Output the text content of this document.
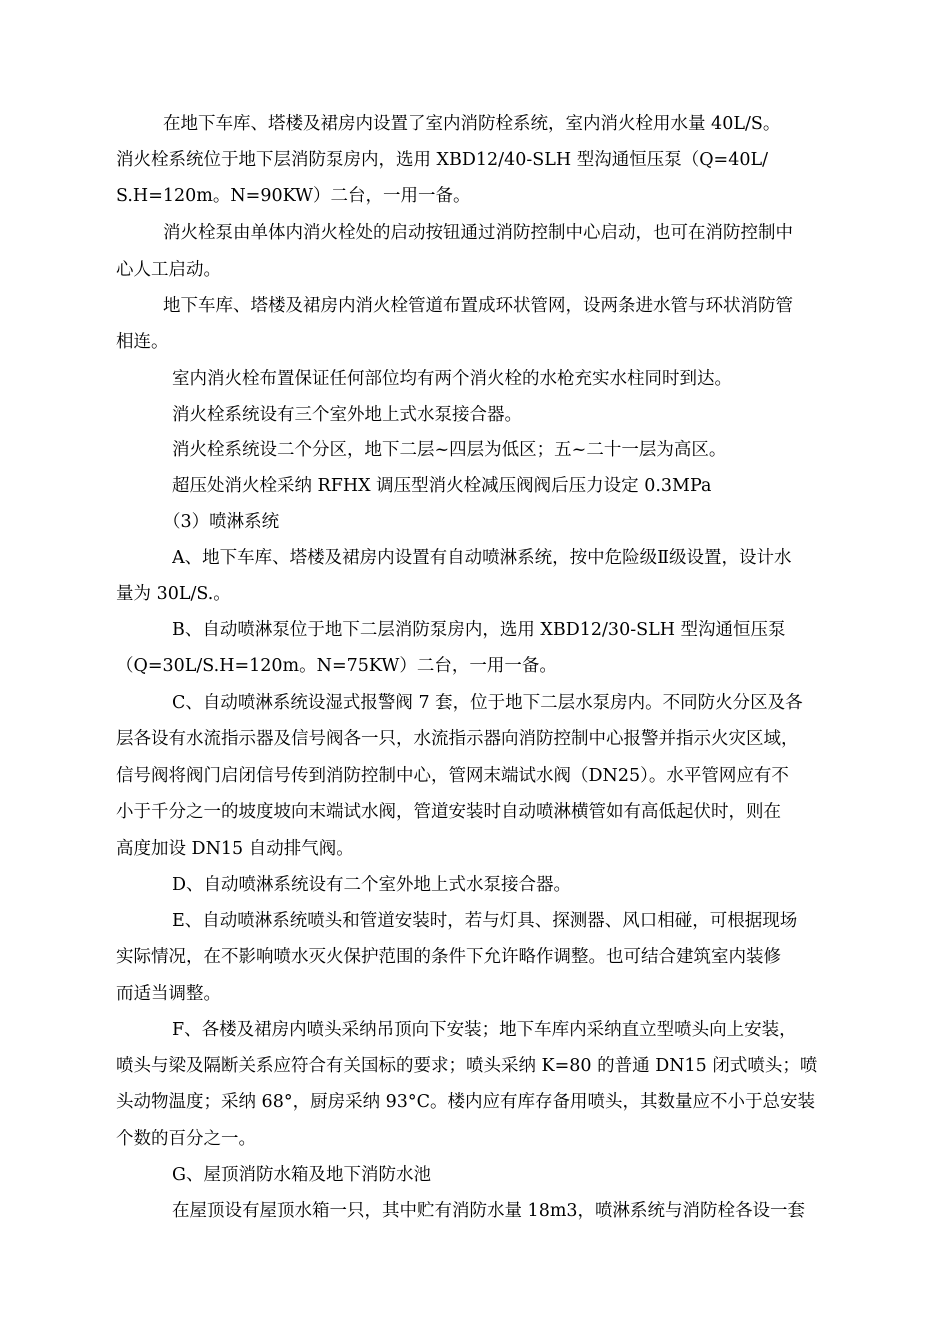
在地下车库、塔楼及裙房内设置了室内消防栓系统，室内消火栓用水量 40L/S。
消火栓系统位于地下层消防泵房内，选用 XBD12/40-SLH 型沟通恒压泵（Q=40L/
S.H=120m。N=90KW）二台，一用一备。
消火栓泵由单体内消火栓处的启动按钮通过消防控制中心启动，也可在消防控制中
心人工启动。
地下车库、塔楼及裙房内消火栓管道布置成环状管网，设两条进水管与环状消防管
相连。
室内消火栓布置保证任何部位均有两个消火栓的水枪充实水柱同时到达。
消火栓系统设有三个室外地上式水泵接合器。
消火栓系统设二个分区，地下二层~四层为低区；五~二十一层为高区。
超压处消火栓采纳 RFHX 调压型消火栓减压阀阀后压力设定 0.3MPa
（3）喷淋系统
A、地下车库、塔楼及裙房内设置有自动喷淋系统，按中危险级Ⅱ级设置，设计水
量为 30L/S.。
B、自动喷淋泵位于地下二层消防泵房内，选用 XBD12/30-SLH 型沟通恒压泵
（Q=30L/S.H=120m。N=75KW）二台，一用一备。
C、自动喷淋系统设湿式报警阀 7 套，位于地下二层水泵房内。不同防火分区及各
层各设有水流指示器及信号阀各一只，水流指示器向消防控制中心报警并指示火灾区域，
信号阀将阀门启闭信号传到消防控制中心，管网末端试水阀（DN25）。水平管网应有不
小于千分之一的坡度坡向末端试水阀，管道安装时自动喷淋横管如有高低起伏时，则在
高度加设 DN15 自动排气阀。
D、自动喷淋系统设有二个室外地上式水泵接合器。
E、自动喷淋系统喷头和管道安装时，若与灯具、探测器、风口相碰，可根据现场
实际情况，在不影响喷水灭火保护范围的条件下允许略作调整。也可结合建筑室内装修
而适当调整。
F、各楼及裙房内喷头采纳吊顶向下安装；地下车库内采纳直立型喷头向上安装，
喷头与梁及隔断关系应符合有关国标的要求；喷头采纳 K=80 的普通 DN15 闭式喷头；喷
头动物温度；采纳 68°，厨房采纳 93°C。楼内应有库存备用喷头，其数量应不小于总安装
个数的百分之一。
G、屋顶消防水箱及地下消防水池
在屋顶设有屋顶水箱一只，其中贮有消防水量 18m3，喷淋系统与消防栓各设一套
